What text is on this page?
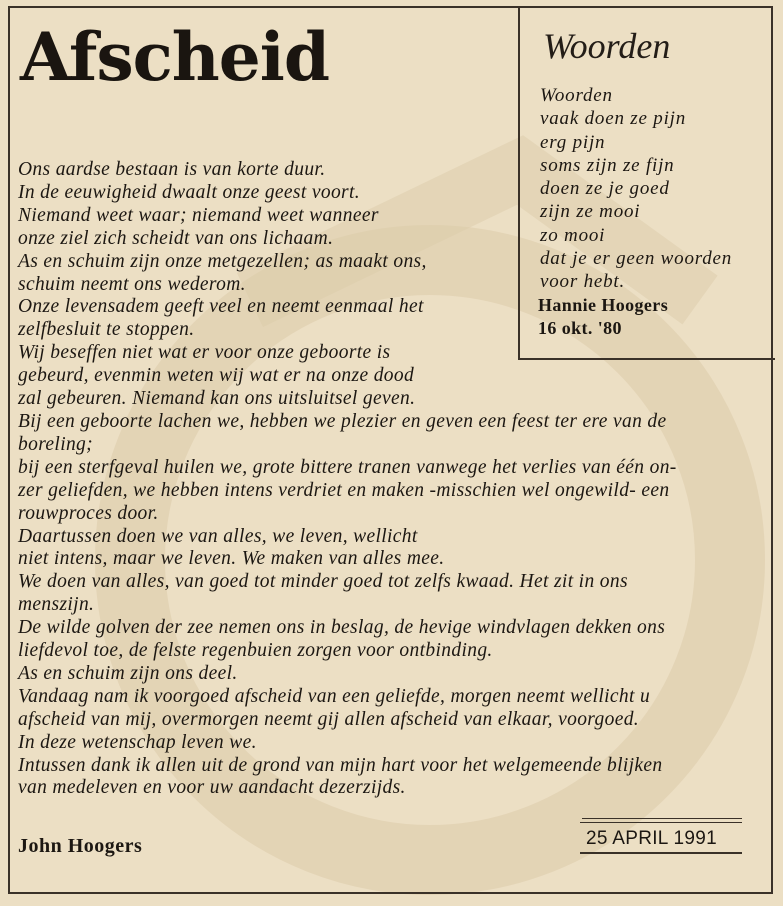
Afscheid	Woorden
Woorden
vaak doen ze pijn
erg pijn
soms zijn ze fijn
doen ze je goed
zijn ze mooi
zo mooi
dat je er geen woorden
voor hebt.
Hannie Hoogers
16 okt. '80
Ons aardse bestaan is van korte duur.
In de eeuwigheid dwaalt onze geest voort.
Niemand weet waar; niemand weet wanneer
onze ziel zich scheidt van ons lichaam.
As en schuim zijn onze metgezellen; as maakt ons,
schuim neemt ons wederom.
Onze levensadem geeft veel en neemt eenmaal het
zelfbesluit te stoppen.
Wij beseffen niet wat er voor onze geboorte is
gebeurd, evenmin weten wij wat er na onze dood
zal gebeuren. Niemand kan ons uitsluitsel geven.
Bij een geboorte lachen we, hebben we plezier en geven een feest ter ere van de
boreling;
bij een sterfgeval huilen we, grote bittere tranen vanwege het verlies van één on-
zer geliefden, we hebben intens verdriet en maken -misschien wel ongewild- een
rouwproces door.
Daartussen doen we van alles, we leven, wellicht
niet intens, maar we leven. We maken van alles mee.
We doen van alles, van goed tot minder goed tot zelfs kwaad. Het zit in ons
menszijn.
De wilde golven der zee nemen ons in beslag, de hevige windvlagen dekken ons
liefdevol toe, de felste regenbuien zorgen voor ontbinding.
As en schuim zijn ons deel.
Vandaag nam ik voorgoed afscheid van een geliefde, morgen neemt wellicht u
afscheid van mij, overmorgen neemt gij allen afscheid van elkaar, voorgoed.
In deze wetenschap leven we.
Intussen dank ik allen uit de grond van mijn hart voor het welgemeende blijken
van medeleven en voor uw aandacht dezerzijds.
John Hoogers	25 APRIL 1991
